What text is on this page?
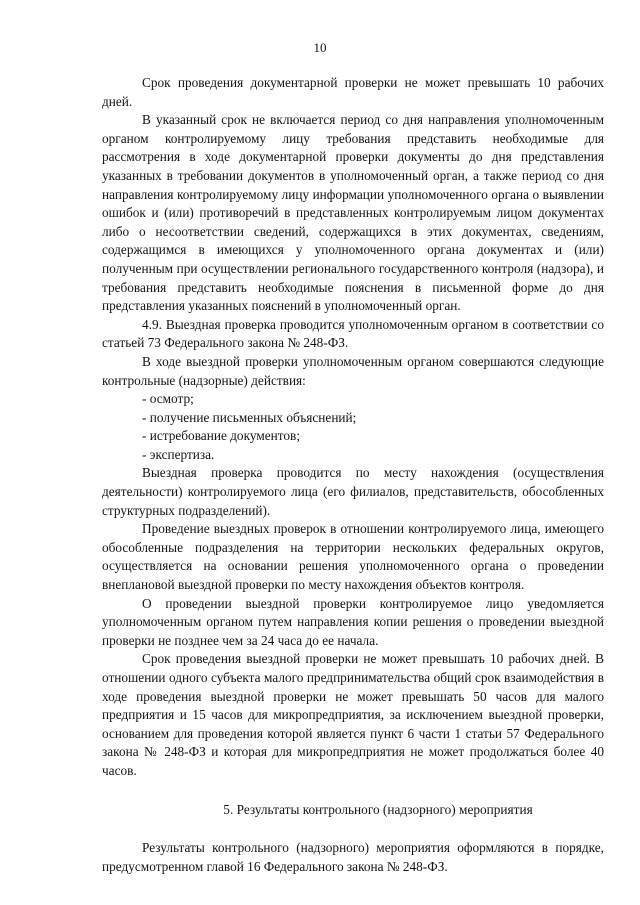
10

Срок проведения документарной проверки не может превышать 10 рабочих дней.

В указанный срок не включается период со дня направления уполномоченным органом контролируемому лицу требования представить необходимые для рассмотрения в ходе документарной проверки документы до дня представления указанных в требовании документов в уполномоченный орган, а также период со дня направления контролируемому лицу информации уполномоченного органа о выявлении ошибок и (или) противоречий в представленных контролируемым лицом документах либо о несоответствии сведений, содержащихся в этих документах, сведениям, содержащимся в имеющихся у уполномоченного органа документах и (или) полученным при осуществлении регионального государственного контроля (надзора), и требования представить необходимые пояснения в письменной форме до дня представления указанных пояснений в уполномоченный орган.

4.9. Выездная проверка проводится уполномоченным органом в соответствии со статьей 73 Федерального закона № 248-ФЗ.

В ходе выездной проверки уполномоченным органом совершаются следующие контрольные (надзорные) действия:

- осмотр;

- получение письменных объяснений;

- истребование документов;

- экспертиза.

Выездная проверка проводится по месту нахождения (осуществления деятельности) контролируемого лица (его филиалов, представительств, обособленных структурных подразделений).

Проведение выездных проверок в отношении контролируемого лица, имеющего обособленные подразделения на территории нескольких федеральных округов, осуществляется на основании решения уполномоченного органа о проведении внеплановой выездной проверки по месту нахождения объектов контроля.

О проведении выездной проверки контролируемое лицо уведомляется уполномоченным органом путем направления копии решения о проведении выездной проверки не позднее чем за 24 часа до ее начала.

Срок проведения выездной проверки не может превышать 10 рабочих дней. В отношении одного субъекта малого предпринимательства общий срок взаимодействия в ходе проведения выездной проверки не может превышать 50 часов для малого предприятия и 15 часов для микропредприятия, за исключением выездной проверки, основанием для проведения которой является пункт 6 части 1 статьи 57 Федерального закона № 248-ФЗ и которая для микропредприятия не может продолжаться более 40 часов.

5. Результаты контрольного (надзорного) мероприятия

Результаты контрольного (надзорного) мероприятия оформляются в порядке, предусмотренном главой 16 Федерального закона № 248-ФЗ.
